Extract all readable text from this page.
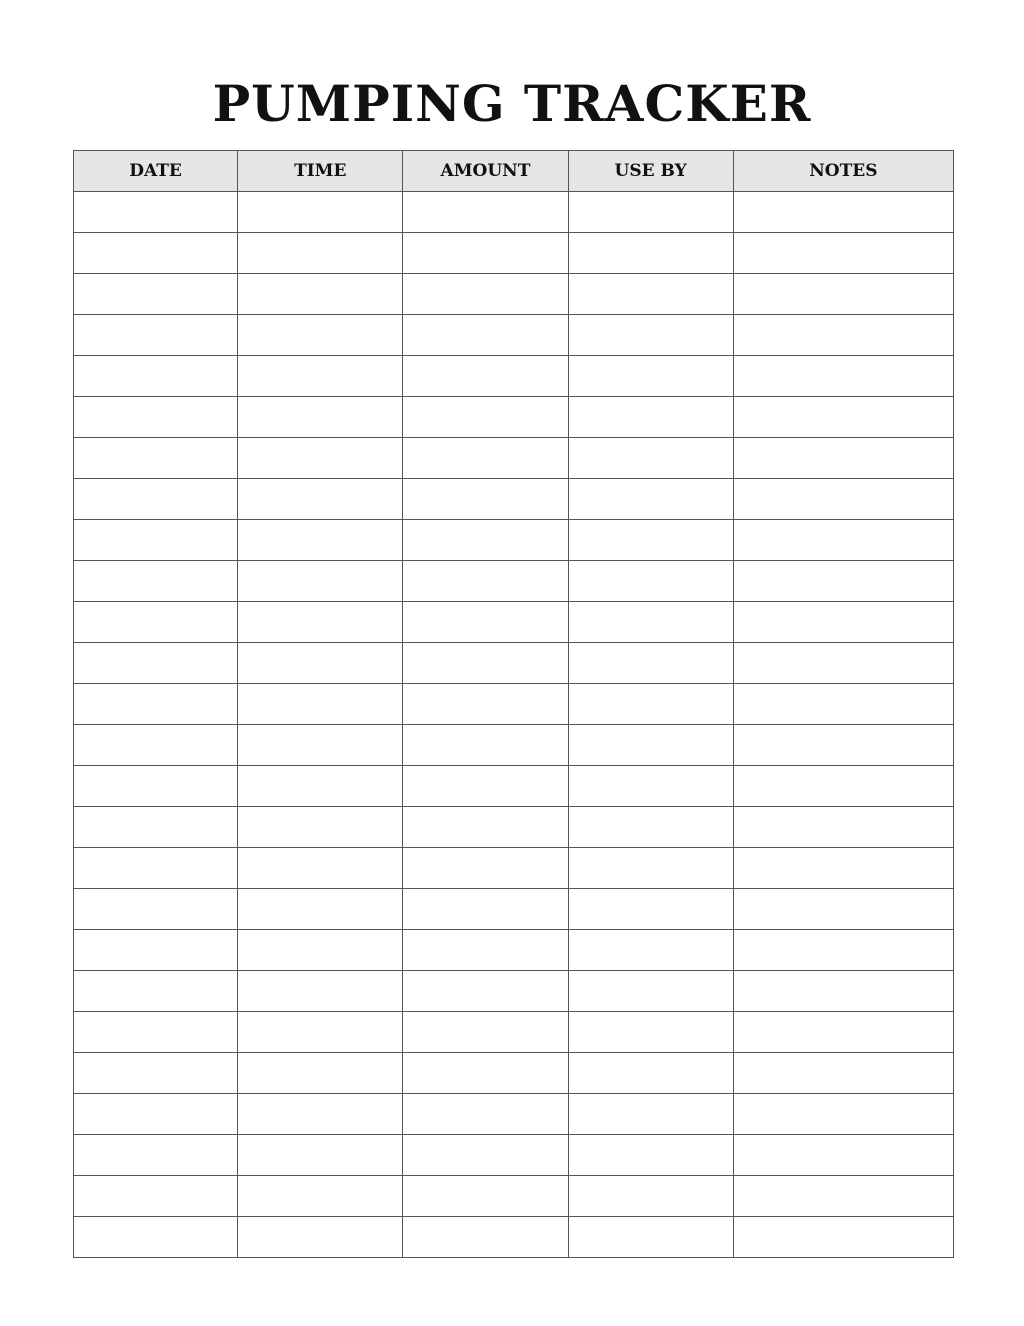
PUMPING TRACKER
DATE	TIME	AMOUNT	USE BY	NOTES
